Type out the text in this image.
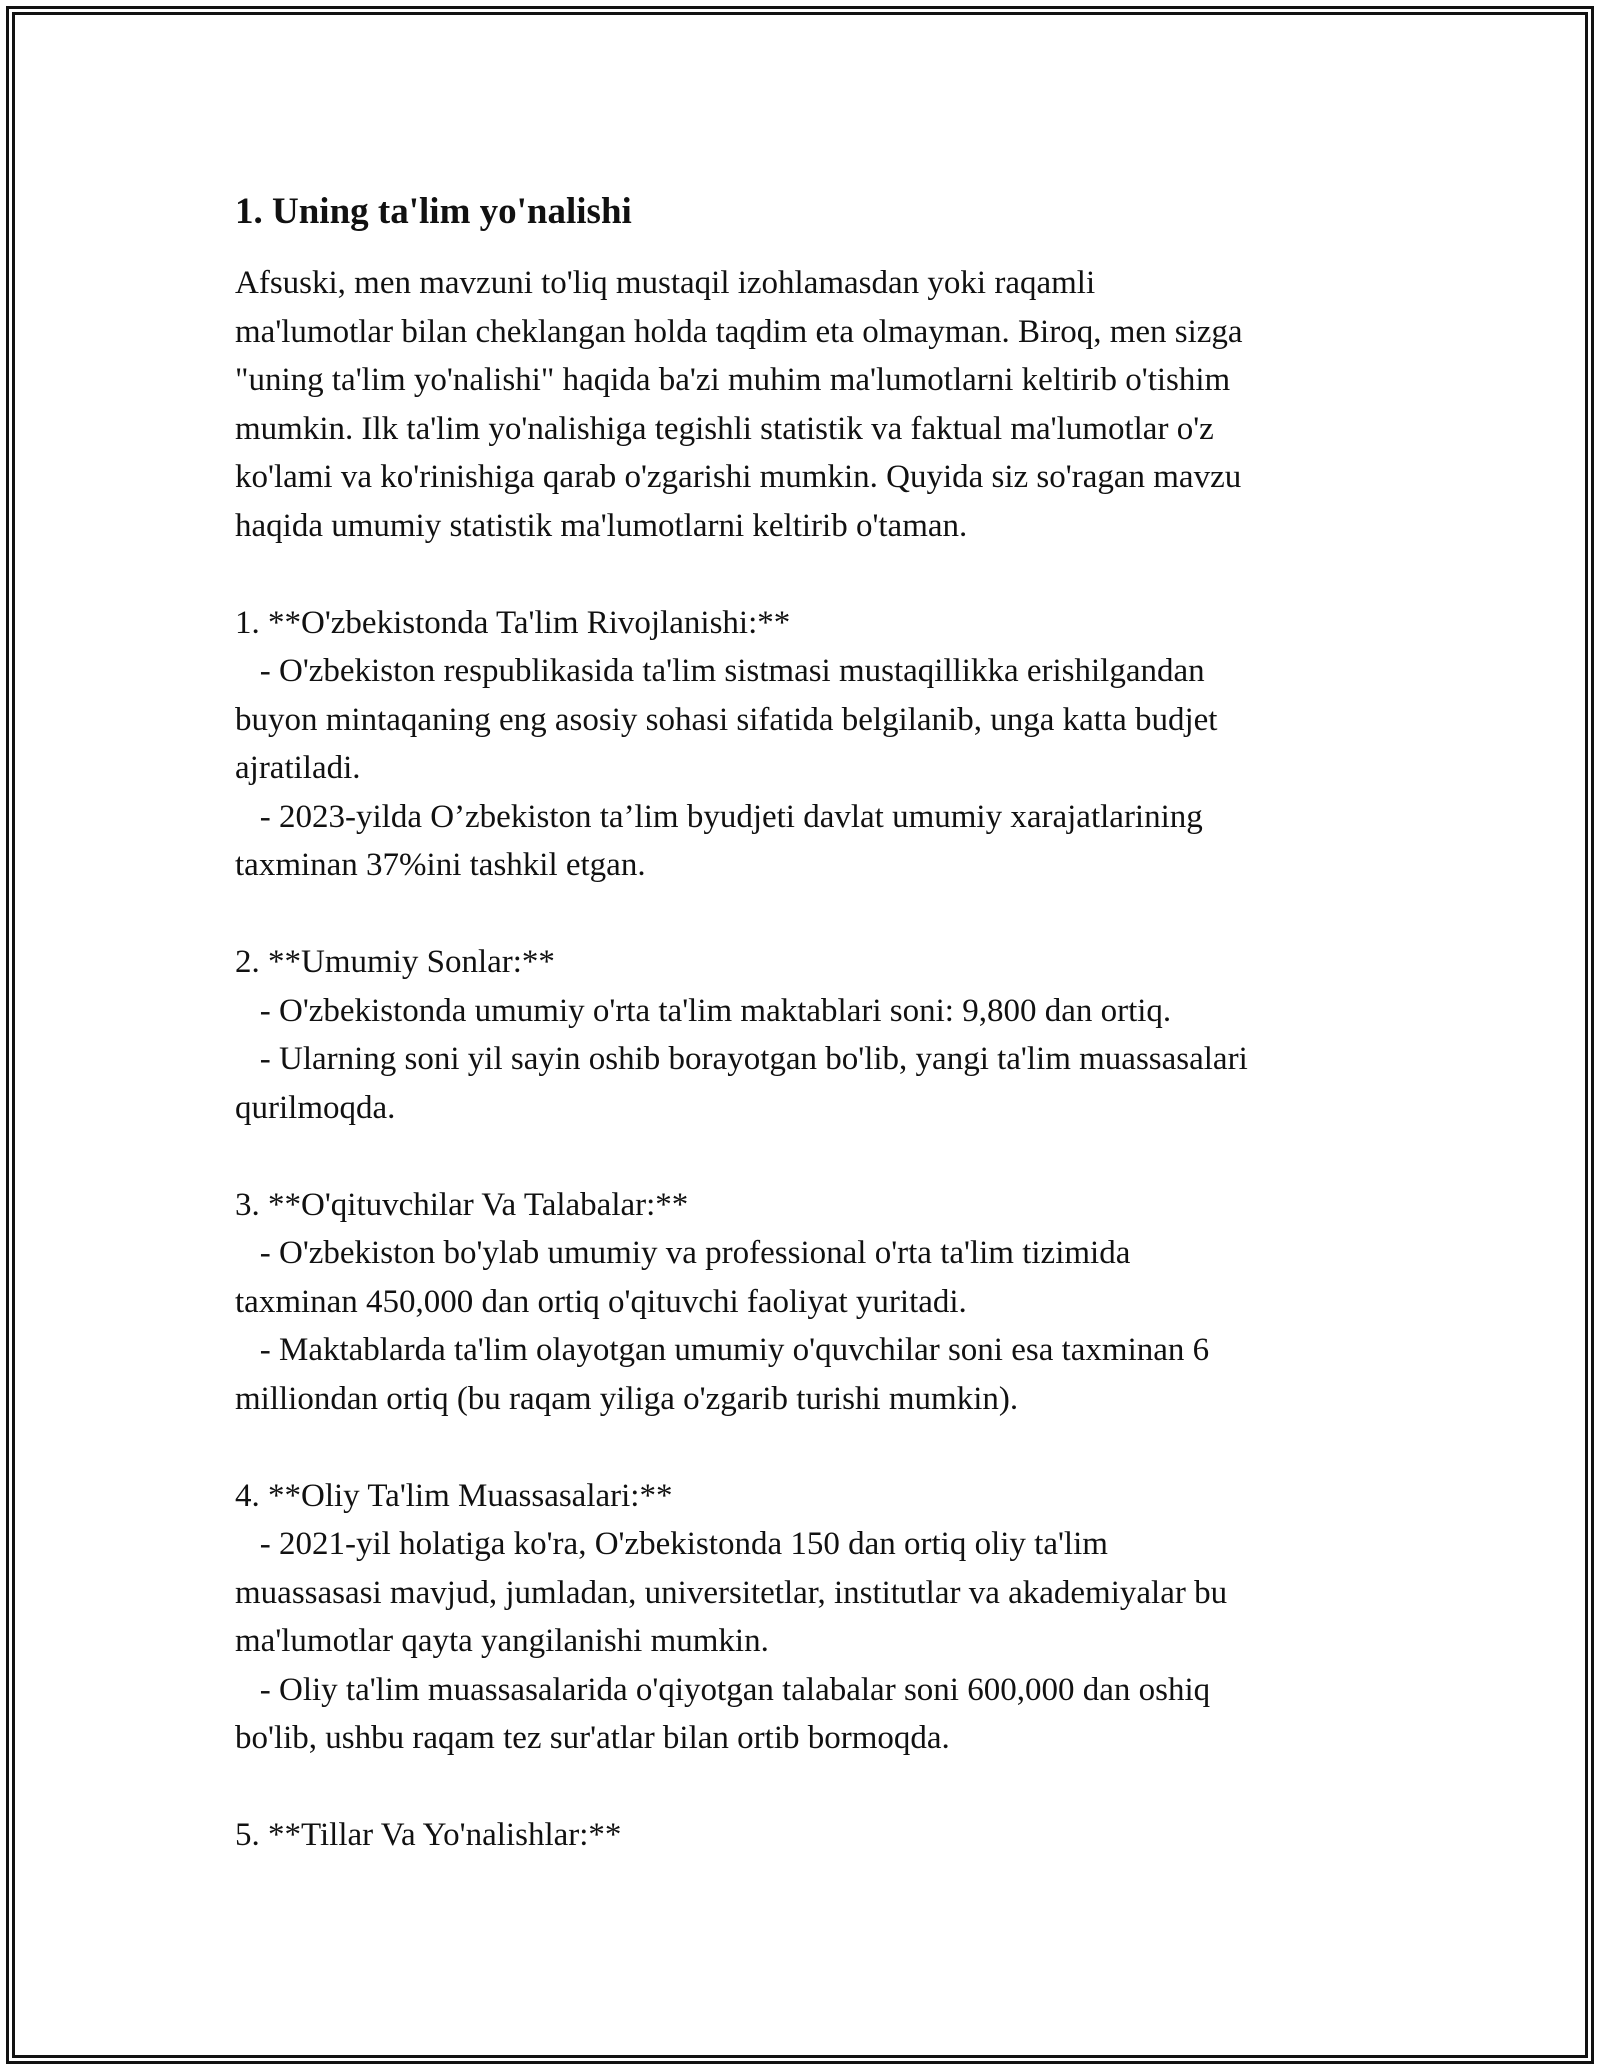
1. Uning ta'lim yo'nalishi
Afsuski, men mavzuni to'liq mustaqil izohlamasdan yoki raqamli
ma'lumotlar bilan cheklangan holda taqdim eta olmayman. Biroq, men sizga
"uning ta'lim yo'nalishi" haqida ba'zi muhim ma'lumotlarni keltirib o'tishim
mumkin. Ilk ta'lim yo'nalishiga tegishli statistik va faktual ma'lumotlar o'z
ko'lami va ko'rinishiga qarab o'zgarishi mumkin. Quyida siz so'ragan mavzu
haqida umumiy statistik ma'lumotlarni keltirib o'taman.
1. **O'zbekistonda Ta'lim Rivojlanishi:**
- O'zbekiston respublikasida ta'lim sistmasi mustaqillikka erishilgandan
buyon mintaqaning eng asosiy sohasi sifatida belgilanib, unga katta budjet
ajratiladi.
- 2023-yilda O’zbekiston ta’lim byudjeti davlat umumiy xarajatlarining
taxminan 37%ini tashkil etgan.
2. **Umumiy Sonlar:**
- O'zbekistonda umumiy o'rta ta'lim maktablari soni: 9,800 dan ortiq.
- Ularning soni yil sayin oshib borayotgan bo'lib, yangi ta'lim muassasalari
qurilmoqda.
3. **O'qituvchilar Va Talabalar:**
- O'zbekiston bo'ylab umumiy va professional o'rta ta'lim tizimida
taxminan 450,000 dan ortiq o'qituvchi faoliyat yuritadi.
- Maktablarda ta'lim olayotgan umumiy o'quvchilar soni esa taxminan 6
milliondan ortiq (bu raqam yiliga o'zgarib turishi mumkin).
4. **Oliy Ta'lim Muassasalari:**
- 2021-yil holatiga ko'ra, O'zbekistonda 150 dan ortiq oliy ta'lim
muassasasi mavjud, jumladan, universitetlar, institutlar va akademiyalar bu
ma'lumotlar qayta yangilanishi mumkin.
- Oliy ta'lim muassasalarida o'qiyotgan talabalar soni 600,000 dan oshiq
bo'lib, ushbu raqam tez sur'atlar bilan ortib bormoqda.
5. **Tillar Va Yo'nalishlar:**
